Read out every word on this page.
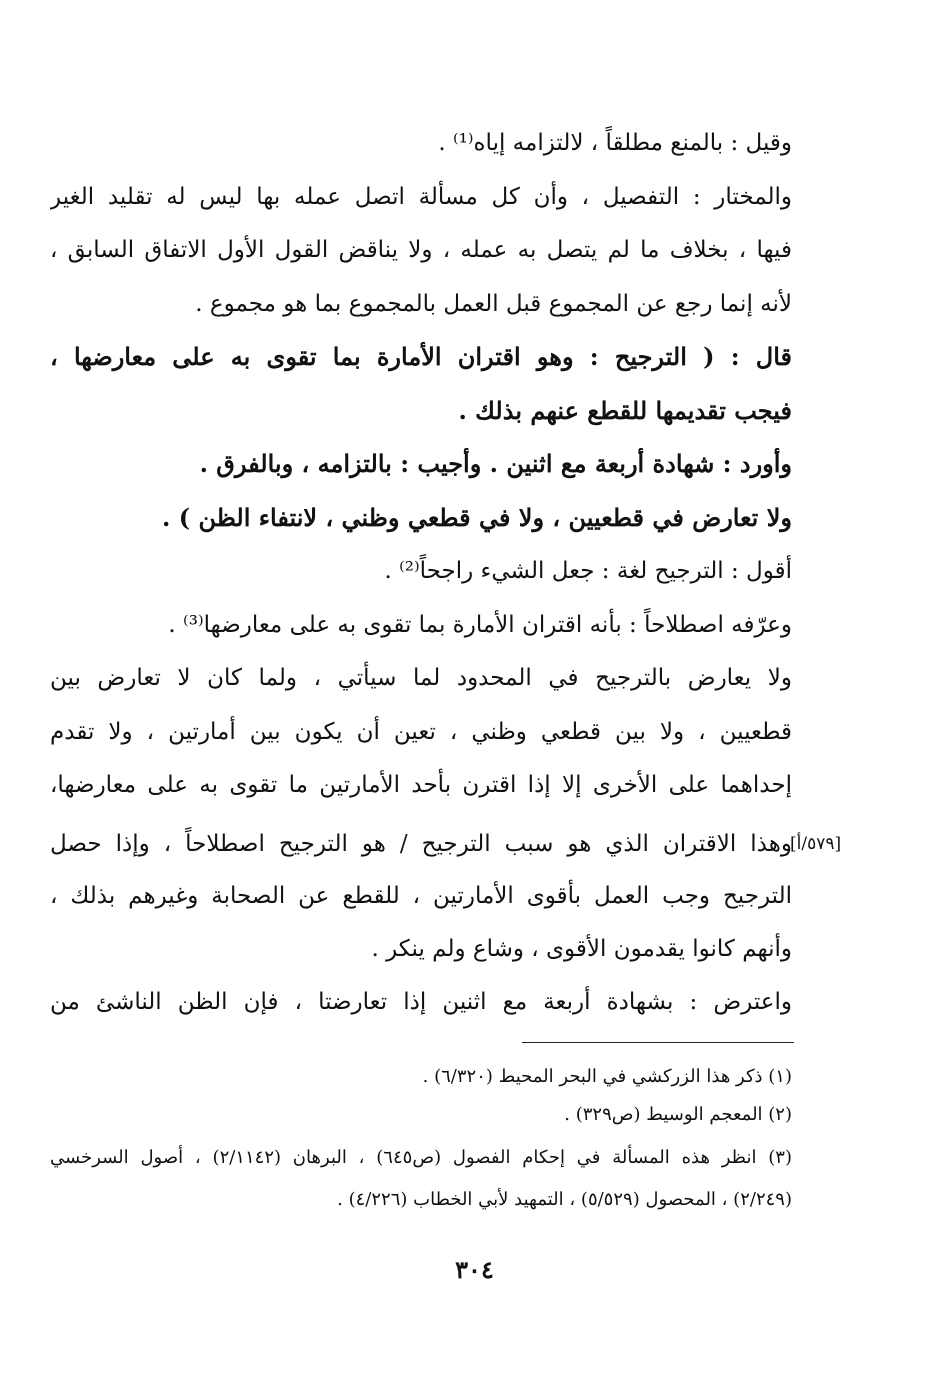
وقيل : بالمنع مطلقاً ، لالتزامه إياه⁽¹⁾ .
والمختار : التفصيل ، وأن كل مسألة اتصل عمله بها ليس له تقليد الغير
فيها ، بخلاف ما لم يتصل به عمله ، ولا يناقض القول الأول الاتفاق السابق ،
لأنه إنما رجع عن المجموع قبل العمل بالمجموع بما هو مجموع .
قال : ( الترجيح : وهو اقتران الأمارة بما تقوى به على معارضها ،
فيجب تقديمها للقطع عنهم بذلك .
وأورد : شهادة أربعة مع اثنين . وأجيب : بالتزامه ، وبالفرق .
ولا تعارض في قطعيين ، ولا في قطعي وظني ، لانتفاء الظن ) .
أقول : الترجيح لغة : جعل الشيء راجحاً⁽²⁾ .
وعرّفه اصطلاحاً : بأنه اقتران الأمارة بما تقوى به على معارضها⁽³⁾ .
ولا يعارض بالترجيح في المحدود لما سيأتي ، ولما كان لا تعارض بين
قطعيين ، ولا بين قطعي وظني ، تعين أن يكون بين أمارتين ، ولا تقدم
إحداهما على الأخرى إلا إذا اقترن بأحد الأمارتين ما تقوى به على معارضها،
وهذا الاقتران الذي هو سبب الترجيح / هو الترجيح اصطلاحاً ، وإذا حصل
الترجيح وجب العمل بأقوى الأمارتين ، للقطع عن الصحابة وغيرهم بذلك ،
وأنهم كانوا يقدمون الأقوى ، وشاع ولم ينكر .
واعترض : بشهادة أربعة مع اثنين إذا تعارضتا ، فإن الظن الناشئ من
[٥٧٩/أ]
(١) ذكر هذا الزركشي في البحر المحيط (٦/٣٢٠) .
(٢) المعجم الوسيط (ص٣٢٩) .
(٣) انظر هذه المسألة في إحكام الفصول (ص٦٤٥) ، البرهان (٢/١١٤٢) ، أصول السرخسي
(٢/٢٤٩) ، المحصول (٥/٥٢٩) ، التمهيد لأبي الخطاب (٤/٢٢٦) .
٣٠٤
